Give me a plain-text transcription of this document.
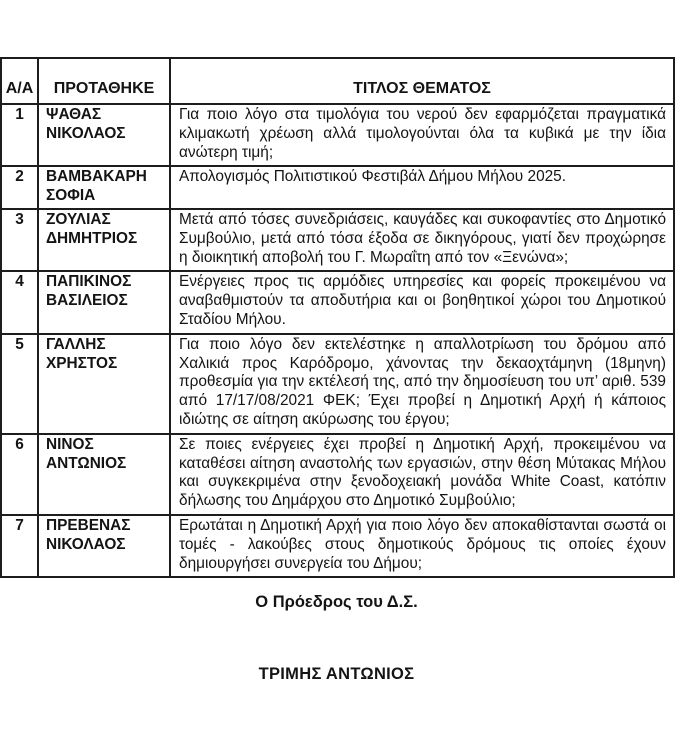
Α/Α	ΠΡΟΤΑΘΗΚΕ	ΤΙΤΛΟΣ ΘΕΜΑΤΟΣ
1	ΨΑΘΑΣ ΝΙΚΟΛΑΟΣ	Για ποιο λόγο στα τιμολόγια του νερού δεν εφαρμόζεται πραγματικά κλιμακωτή χρέωση αλλά τιμολογούνται όλα τα κυβικά με την ίδια ανώτερη τιμή;
2	ΒΑΜΒΑΚΑΡΗ ΣΟΦΙΑ	Απολογισμός Πολιτιστικού Φεστιβάλ Δήμου Μήλου 2025.
3	ΖΟΥΛΙΑΣ ΔΗΜΗΤΡΙΟΣ	Μετά από τόσες συνεδριάσεις, καυγάδες και συκοφαντίες στο Δημοτικό Συμβούλιο, μετά από τόσα έξοδα σε δικηγόρους, γιατί δεν προχώρησε η διοικητική αποβολή του Γ. Μωραΐτη από τον «Ξενώνα»;
4	ΠΑΠΙΚΙΝΟΣ ΒΑΣΙΛΕΙΟΣ	Ενέργειες προς τις αρμόδιες υπηρεσίες και φορείς προκειμένου να αναβαθμιστούν τα αποδυτήρια και οι βοηθητικοί χώροι του Δημοτικού Σταδίου Μήλου.
5	ΓΑΛΛΗΣ ΧΡΗΣΤΟΣ	Για ποιο λόγο δεν εκτελέστηκε η απαλλοτρίωση του δρόμου από Χαλικιά προς Καρόδρομο, χάνοντας την δεκαοχτάμηνη (18μηνη) προθεσμία για την εκτέλεσή της, από την δημοσίευση του υπ’ αριθ. 539 από 17/17/08/2021 ΦΕΚ; Έχει προβεί η Δημοτική Αρχή ή κάποιος ιδιώτης σε αίτηση ακύρωσης του έργου;
6	ΝΙΝΟΣ ΑΝΤΩΝΙΟΣ	Σε ποιες ενέργειες έχει προβεί η Δημοτική Αρχή, προκειμένου να καταθέσει αίτηση αναστολής των εργασιών, στην θέση Μύτακας Μήλου και συγκεκριμένα στην ξενοδοχειακή μονάδα White Coast, κατόπιν δήλωσης του Δημάρχου στο Δημοτικό Συμβούλιο;
7	ΠΡΕΒΕΝΑΣ ΝΙΚΟΛΑΟΣ	Ερωτάται η Δημοτική Αρχή για ποιο λόγο δεν αποκαθίστανται σωστά οι τομές - λακούβες στους δημοτικούς δρόμους τις οποίες έχουν δημιουργήσει συνεργεία του Δήμου;
Ο Πρόεδρος του Δ.Σ.
ΤΡΙΜΗΣ ΑΝΤΩΝΙΟΣ
